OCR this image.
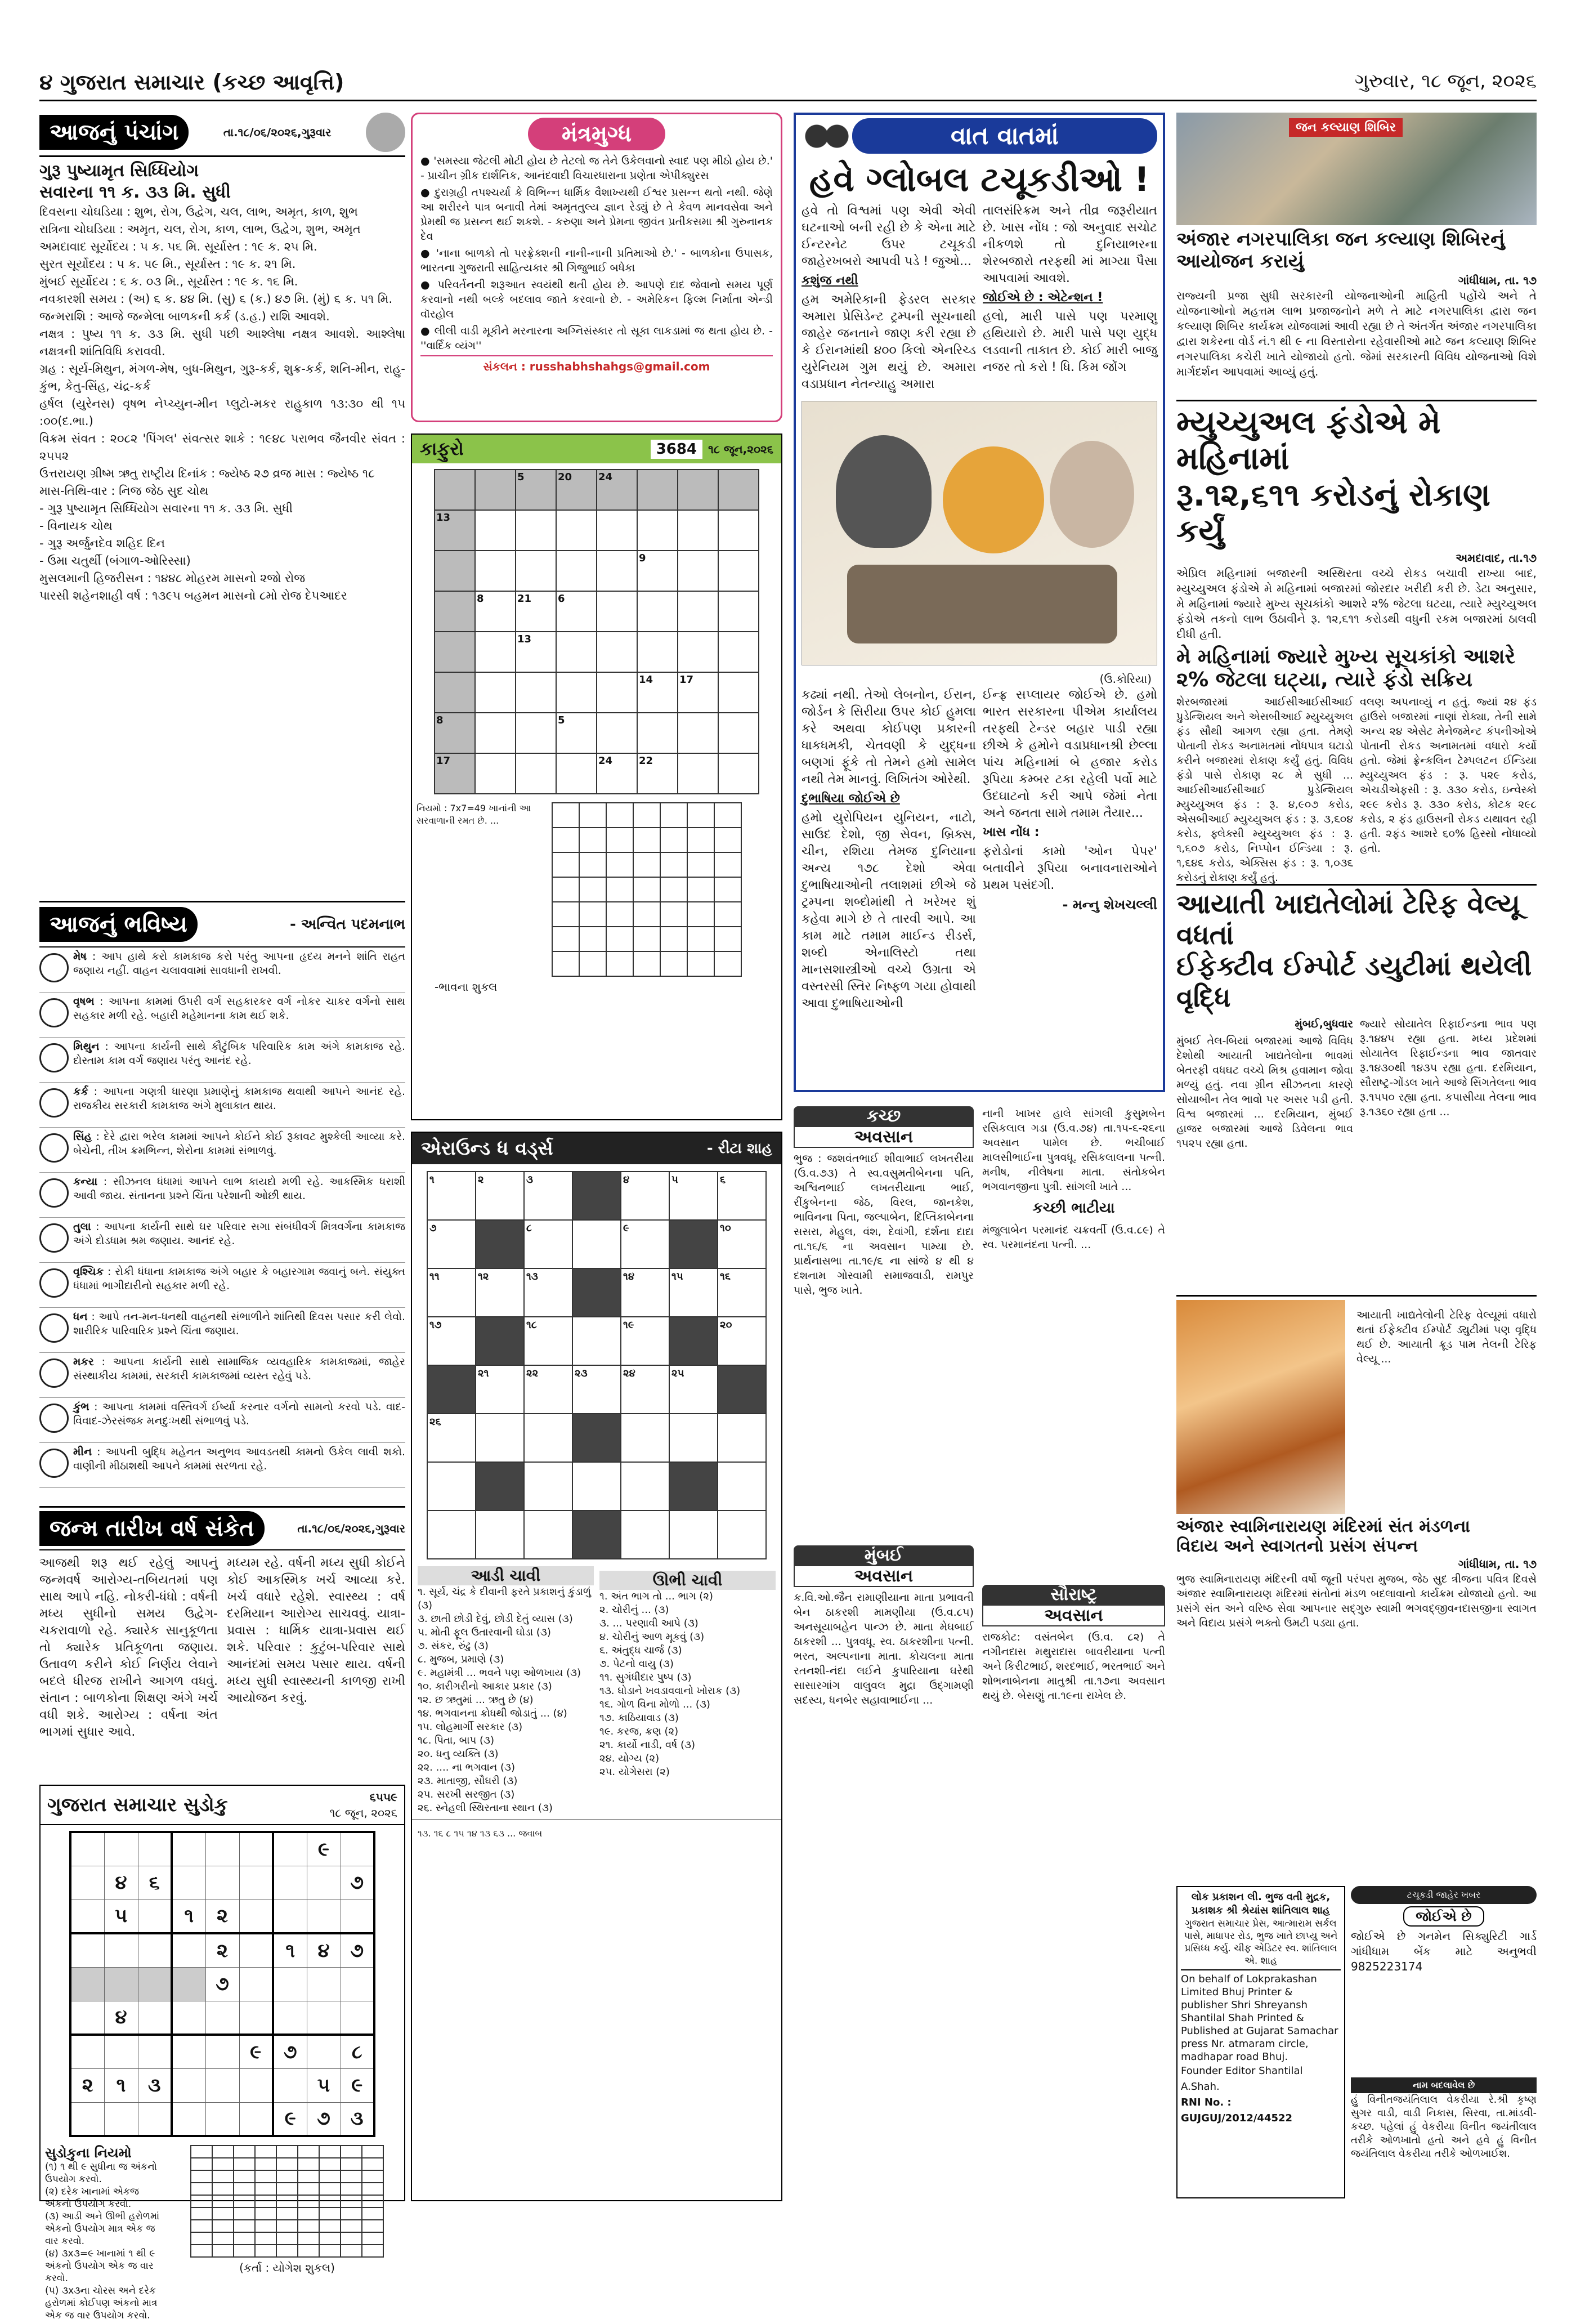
૪ ગુજરાત સમાચાર (કચ્છ આવૃત્તિ)	ગુરુવાર, ૧૮ જૂન, ૨૦૨૬
આજનું પંચાંગ	તા.૧૮/૦૬/૨૦૨૬,ગુરૂવાર
ગુરૂ પુષ્યામૃત સિધ્ધિયોગ
સવારના ૧૧ ક. ૩૩ મિ. સુધી
દિવસના ચોઘડિયા : શુભ, રોગ, ઉદ્વેગ, ચલ, લાભ, અમૃત, કાળ, શુભ
રાત્રિના ચોઘડિયા : અમૃત, ચલ, રોગ, કાળ, લાભ, ઉદ્વેગ, શુભ, અમૃત
અમદાવાદ સૂર્યોદય : ૫ ક. ૫૬ મિ. સૂર્યાસ્ત : ૧૯ ક. ૨૫ મિ.
સુરત સૂર્યોદય : ૫ ક. ૫૯ મિ., સૂર્યાસ્ત : ૧૯ ક. ૨૧ મિ.
મુંબઈ સૂર્યોદય : ૬ ક. ૦૩ મિ., સૂર્યાસ્ત : ૧૯ ક. ૧૬ મિ.
નવકારશી સમય : (અ) ૬ ક. ૪૪ મિ. (સુ) ૬ (ક.) ૪૭ મિ. (મું) ૬ ક. ૫૧ મિ.
જન્મરાશિ : આજે જન્મેલા બાળકની કર્ક (ડ.હ.) રાશિ આવશે.
નક્ષત્ર : પુષ્ય ૧૧ ક. ૩૩ મિ. સુધી પછી આશ્લેષા નક્ષત્ર આવશે. આશ્લેષા નક્ષત્રની શાંતિવિધિ કરાવવી.
ગ્રહ : સૂર્ય-મિથુન, મંગળ-મેષ, બુધ-મિથુન, ગુરૂ-કર્ક, શુક્ર-કર્ક, શનિ-મીન, રાહુ-કુંભ, કેતુ-સિંહ, ચંદ્ર-કર્ક
હર્ષલ (યુરેનસ) વૃષભ નેપ્ચ્યુન-મીન પ્લુટો-મકર રાહુકાળ ૧૩:૩૦ થી ૧૫ :૦૦(દ.ભા.)
વિક્રમ સંવત : ૨૦૮૨ 'પિંગલ' સંવત્સર શાકે : ૧૯૪૮ પરાભવ જૈનવીર સંવત : ૨૫૫૨
ઉત્તરાયણ ગ્રીષ્મ ઋતુ રાષ્ટ્રીય દિનાંક : જ્યેષ્ઠ ૨૭ વ્રજ માસ : જ્યેષ્ઠ ૧૮
માસ-તિથિ-વાર : નિજ જેઠ સુદ ચોથ
- ગુરૂ પુષ્યામૃત સિધ્ધિયોગ સવારના ૧૧ ક. ૩૩ મિ. સુધી
- વિનાયક ચોથ
- ગુરૂ અર્જુનદેવ શહિદ દિન
- ઉમા ચતુર્થી (બંગાળ-ઓરિસ્સા)
મુસલમાની હિજરીસન : ૧૪૪૮ મોહરમ માસનો ૨જો રોજ
પારસી શહેનશાહી વર્ષ : ૧૩૯૫ બહમન માસનો ૮મો રોજ દેપઆદર
આજનું ભવિષ્ય	- અન્વિત પદમનાભ
મેષ : આપ હાથે કરો કામકાજ કરો પરંતુ આપના હૃદય મનને શાંતિ રાહત જણાય નહીં. વાહન ચલાવવામાં સાવધાની રાખવી.
વૃષભ : આપના કામમાં ઉપરી વર્ગ સહકારકર વર્ગ નોકર ચાકર વર્ગનો સાથ સહકાર મળી રહે. બહારી મહેમાનના કામ થઈ શકે.
મિથુન : આપના કાર્યની સાથે કૌટુંબિક પરિવારિક કામ અંગે કામકાજ રહે. દોસ્તામ કામ વર્ગ જણાય પરંતુ આનંદ રહે.
કર્ક : આપના ગણત્રી ધારણા પ્રમાણેનું કામકાજ થવાથી આપને આનંદ રહે. રાજકીય સરકારી કામકાજ અંગે મુલાકાત થાય.
સિંહ : દેરે દ્વારા ભરેલ કામમાં આપને કોઈને કોઈ રૂકાવટ મુશ્કેલી આવ્યા કરે. બેચેની, તીખ ક્રમભિન્ન, શેરોના કામમાં સંભાળવું.
કન્યા : સીઝનલ ધંધામાં આપને લાભ કાયદો મળી રહે. આકસ્મિક ધરાશી આવી જાય. સંતાનના પ્રશ્ને ચિંતા પરેશાની ઓછી થાય.
તુલા : આપના કાર્યની સાથે ઘર પરિવાર સગા સંબંધીવર્ગ મિત્રવર્ગના કામકાજ અંગે દોડધામ શ્રમ જણાય. આનંદ રહે.
વૃશ્ચિક : રોકી ધંધાના કામકાજ અંગે બહાર કે બહારગામ જવાનું બને. સંયુક્ત ધંધામાં ભાગીદારીનો સહકાર મળી રહે.
ધન : આપે તન-મન-ધનથી વાહનથી સંભાળીને શાંતિથી દિવસ પસાર કરી લેવો. શારીરિક પારિવારિક પ્રશ્ને ચિંતા જણાય.
મકર : આપના કાર્યની સાથે સામાજિક વ્યવહારિક કામકાજમાં, જાહેર સંસ્થાકીય કામમાં, સરકારી કામકાજમાં વ્યસ્ત રહેવું પડે.
કુંભ : આપના કામમાં વસ્તિવર્ગ ઈર્ષ્યા કરનાર વર્ગનો સામનો કરવો પડે. વાદ-વિવાદ-ઝેરસંજક મનદુઃખથી સંભાળવું પડે.
મીન : આપની બુદ્ધિ મહેનત અનુભવ આવડતથી કામનો ઉકેલ લાવી શકો. વાણીની મીઠાશથી આપને કામમાં સરળતા રહે.
જન્મ તારીખ વર્ષ સંકેત	તા.૧૮/૦૬/૨૦૨૬,ગુરૂવાર
આજથી શરૂ થઈ રહેલું આપનું જન્મવર્ષ આરોગ્ય-તબિયતમાં પણ સાથ આપે નહિ. નોકરી-ધંધો : વર્ષની મધ્ય સુધીનો સમય ઉદ્વેગ-ચકરાવાળો રહે. ક્યારેક સાનુકૂળતા તો ક્યારેક પ્રતિકૂળતા જણાય. ઉતાવળ કરીને કોઈ નિર્ણય લેવાને બદલે ધીરજ રાખીને આગળ વધવું. સંતાન : બાળકોના શિક્ષણ અંગે ખર્ચ વધી શકે. આરોગ્ય : વર્ષના અંત ભાગમાં સુધાર આવે.
મધ્યમ રહે. વર્ષની મધ્ય સુધી કોઈને કોઈ આકસ્મિક ખર્ચ આવ્યા કરે. ખર્ચ વધારે રહેશે. સ્વાસ્થ્ય : વર્ષ દરમિયાન આરોગ્ય સાચવવું. યાત્રા-પ્રવાસ : ધાર્મિક યાત્રા-પ્રવાસ થઈ શકે. પરિવાર : કુટુંબ-પરિવાર સાથે આનંદમાં સમય પસાર થાય. વર્ષની મધ્ય સુધી સ્વાસ્થ્યની કાળજી રાખી આયોજન કરવું.
ગુજરાત સમાચાર સુડોકુ	૬૫૫૯
૧૮ જૂન, ૨૦૨૬
							૯	
	૪	૬						૭
	૫		૧	૨				
				૨		૧	૪	૭
				૭				
	૪							
					૯	૭		૮
૨	૧	૩					૫	૯
						૯	૭	૩
સુડોકુના નિયમો
(૧) ૧ થી ૯ સુધીના જ અંકનો ઉપયોગ કરવો.
(૨) દરેક ખાનામાં એકજ અંકનો ઉપયોગ કરવો.
(૩) આડી અને ઊભી હરોળમાં એકનો ઉપયોગ માત્ર એક જ વાર કરવો.
(૪) ૩x૩=૯ ખાનામાં ૧ થી ૯ અંકનો ઉપયોગ એક જ વાર કરવો.
(૫) ૩x૩ના ચોરસ અને દરેક હરોળમાં કોઈપણ અંકનો માત્ર એક જ વાર ઉપયોગ કરવો.

(કર્તા : યોગેશ શુકલ)
મંત્રમુગ્ધ

● 'સમસ્યા જેટલી મોટી હોય છે તેટલો જ તેને ઉકેલવાનો સ્વાદ પણ મીઠો હોય છે.' - પ્રાચીન ગ્રીક દાર્શનિક, આનંદવાદી વિચારધારાના પ્રણેતા એપીક્યુરસ

● દુરાગ્રહી તપશ્ચર્યા કે વિભિન્ન ધાર્મિક વૈશાખ્યથી ઈશ્વર પ્રસન્ન થતો નથી. જેણે આ શરીરને પાત્ર બનાવી તેમાં અમૃતતુલ્ય જ્ઞાન રેડ્યું છે તે કેવળ માનવસેવા અને પ્રેમથી જ પ્રસન્ન થઈ શકશે. - કરુણા અને પ્રેમના જીવંત પ્રતીકસમા શ્રી ગુરુનાનક દેવ

● 'નાના બાળકો તો પરફ્રેક્શની નાની-નાની પ્રતિમાઓ છે.' - બાળકોના ઉપાસક, ભારતના ગુજરાતી સાહિત્યકાર શ્રી ગિજુભાઈ બધેકા

● પરિવર્તનની શરૂઆત સ્વયંથી થતી હોય છે. આપણે દાદ જેવાનો સમય પૂર્ણ કરવાનો નથી બલ્કે બદલાવ જાતે કરવાનો છે. - અમેરિકન ફિલ્મ નિર્માતા એન્ડી વૉરહોલ

● લીલી વાડી મૂકીને મરનારના અગ્નિસંસ્કાર તો સૂકા લાકડામાં જ થતા હોય છે. - ''વાર્દિક વ્યંગ''

સંકલન : russhabhshahgs@gmail.com
કાફુરો	3684	૧૮ જૂન,૨૦૨૬
		5	20	24			
13							
					9		
	8	21	6				
		13					
					14	17	
8			5				
17				24	22		
નિયમો : 7x7=49 ખાનાંની આ સરવાળાની રમત છે. ...

-ભાવના શુકલ
એરાઉન્ડ ધ વર્ડ્સ	- રીટા શાહ
૧	૨	૩		૪	૫	૬
૭		૮		૯		૧૦
૧૧	૧૨	૧૩		૧૪	૧૫	૧૬
૧૭		૧૮		૧૯		૨૦
	૨૧	૨૨	૨૩	૨૪	૨૫	
૨૬						

આડી ચાવી
૧. સૂર્ય, ચંદ્ર કે દીવાની ફરતે પ્રકાશનું કુંડાળું (૩)
૩. છાતી છોડી દેવું, છોડી દેતું વ્યાસ (૩)
૫. મોતી ફૂલ ઉતારવાની ઘોડા (૩)
૭. સંકર, રુંઢુ (૩)
૮. મુજબ, પ્રમાણે (૩)
૯. મહામંત્રી ... ભવને પણ ઓળખાય (૩)
૧૦. કારીગરીનો આકાર પ્રકાર (૩)
૧૨. છ ઋતુમાં ... ઋતુ છે (૪)
૧૪. ભગવાનના ક્રોધથી જોડાતું ... (૪)
૧૫. લોહમાર્ગી સરકાર (૩)
૧૮. પિતા, બાપ (૩)
૨૦. ધનુ વ્યક્તિ (૩)
૨૨. .... ના ભગવાન (૩)
૨૩. માતાજી, સૌઘરી (૩)
૨૫. સરખી સરજીત (૩)
૨૬. સ્નેહલી સ્થિરતાના સ્થાન (૩)
ઊભી ચાવી
૧. અંત ભાગ તો ... ભાગ (૨)
૨. ચોરીનું ... (૩)
૩. ... પરણાવી આપે (૩)
૪. ચોરીનું આળ મૂકવું (૩)
૬. અંતુદ્ધ ચાર્જ (૩)
૭. પેટનો વાયુ (૩)
૧૧. સુગંધીદાર પુષ્પ (૩)
૧૩. ઘોડાને ખવડાવવાનો ખોરાક (૩)
૧૬. ગોળ વિના મોળો ... (૩)
૧૭. કાઠિયાવાડ (૩)
૧૯. કરજ, ક્રણ (૨)
૨૧. કાર્યો નાડી, વર્ષ (૩)
૨૪. યોગ્ય (૨)
૨૫. યોગેસરા (૨)
૧૩. ૧૬ ૮ ૧૫ ૧૪ ૧૩ ૬૩ ... જવાબ
વાત વાતમાં
હવે ગ્લોબલ ટચૂકડીઓ !

હવે તો વિશ્વમાં પણ એવી એવી ઘટનાઓ બની રહી છે કે એના માટે ઈન્ટરનેટ ઉપર ટચૂકડી જાહેરખબરો આપવી પડે ! જુઓ...

કશુંજ નથી

હમ અમેરિકાની ફેડરલ સરકાર અમારા પ્રેસિડેન્ટ ટ્રમ્પની સૂચનાથી જાહેર જનતાને જાણ કરી રહ્યા છે કે ઈરાનમાંથી ૪૦૦ કિલો એનરિચ્ડ યુરેનિયમ ગુમ થયું છે. અમારા વડાપ્રધાન નેતન્યાહુ અમારા

તાલસંરિક્રમ અને તીવ્ર જરૂરીયાત છે. ખાસ નોંધ : જો અનુવાદ સચોટ નીકળશે તો દુનિયાભરના શેરબજારો તરફથી માં માગ્યા પૈસા આપવામાં આવશે.

જોઈએ છે : એટેન્શન !

હલો, મારી પાસે પણ પરમાણુ હથિયારો છે. મારી પાસે પણ યુદ્ધ લડવાની તાકાત છે. કોઈ મારી બાજુ નજર તો કરો ! ધિ. કિમ જોંગ

(ઉ.કોરિયા)

કઢ્યાં નથી. તેઓ લેબનોન, ઈરાન, જોર્ડન કે સિરીયા ઉપર કોઈ હુમલા કરે અથવા કોઈપણ પ્રકારની ધાકધમકી, ચેતવણી કે યુદ્ધના બણગાં ફૂંકે તો તેમને હમો સામેલ નથી તેમ માનવું. લિખિતંગ ઓરેથી.

દુભાષિયા જોઈએ છે

હમો યુરોપિયન યુનિયન, નાટો, સાઉદ દેશો, જી સેવન, બ્રિક્સ, ચીન, રશિયા તેમજ દુનિયાના અન્ય ૧૭૮ દેશો એવા દુભાષિયાઓની તલાશમાં છીએ જે ટ્રમ્પના શબ્દોમાંથી તે ખરેખર શું કહેવા માગે છે તે તારવી આપે. આ કામ માટે તમામ માઈન્ડ રીડર્સ, શબ્દો એનાલિસ્ટો તથા માનસશાસ્ત્રીઓ વચ્ચે ઉગ્રતા એ વસ્તરસી સ્તિર નિષ્ફળ ગયા હોવાથી આવા દુભાષિયાઓની

ઈન્ફ્ર સપ્લાયર જોઈએ છે. હમો ભારત સરકારના પીએમ કાર્યાલય તરફથી ટેન્ડર બહાર પાડી રહ્યા છીએ કે હમોને વડાપ્રધાનશ્રી છેલ્લા પાંચ મહિનામાં બે હજાર કરોડ રૂપિયા કમ્બર ટકા રહેલી પર્વો માટે ઉદઘાટનો કરી આપે જેમાં નેતા અને જનતા સામે તમામ તૈયાર...

ખાસ નોંધ :

ફરોડોનાં કામો 'ઓન પેપર' બતાવીને રૂપિયા બનાવનારાઓને પ્રથમ પસંદગી.

- મન્નુ શેખચલ્લી

કચ્છ
અવસાન
ભુજ : જશવંતભાઈ શીવાભાઈ લખતરીયા (ઉ.વ.૭૩) તે સ્વ.વસુમતીબેનના પતિ, અશ્વિનભાઈ લખતરીયાના ભાઈ, રીંકુબેનના જેઠ, વિરલ, જાનકેશ, ભાવિનના પિતા, જલ્પાબેન, દિપ્તિકાબેનના સસરા, મેહુલ, વંશ, દેવાંગી, દર્શના દાદા તા.૧૬/૬ ના અવસાન પામ્યા છે. પ્રાર્થનાસભા તા.૧૯/૬ ના સાંજે ૪ થી ૪ દશનામ ગોસ્વામી સમાજવાડી, રામપુર પાસે, ભુજ ખાતે.
મુંબઈ
અવસાન
ક.વિ.ઓ.જૈન રામાણીયાના માતા પ્રભાવતી બેન ઠાકરશી મામણીયા (ઉ.વ.૮૫) અનસૂયાબહેન પાન્ઝ છે. માતા મેઘબાઈ ઠાકરશી ... પુત્રવધૂ. સ્વ. ઠાકરશીના પત્ની. ભરત, અલ્પનાના માતા. કોચલના માતા રતનશી-નંદા લઈને કુપારિયાના ઘરેથી સાસારગાંગ વાલુવલ મુદ્રા ઉદ્ગામણી સદસ્ય, ધનબેર સહાવાભાઈના ...
નાની ખાખર હાલે સાંગલી કુસુમબેન રસિકલાલ ગડા (ઉ.વ.૭૪) તા.૧૫-૬-૨૬ના અવસાન પામેલ છે. ભચીબાઈ માલસીભાઈના પુત્રવધૂ. રસિકલાલના પત્ની. મનીષ, નીલેષના માતા. સંતોકબેન ભગવાનજીના પુત્રી. સાંગલી ખાતે ...
કચ્છી ભાટીયા
મંજુલાબેન પરમાનંદ ચક્રવર્તી (ઉ.વ.૮૯) તે સ્વ. પરમાનંદના પત્ની. ...
સૌરાષ્ટ્ર
અવસાન
રાજકોટ: વસંતબેન (ઉ.વ. ૮૨) તે નગીનદાસ મથુરાદાસ બાવરીયાના પત્ની અને કિરીટભાઈ, શરદભાઈ, ભરતભાઈ અને શોભનાબેનના માતુશ્રી તા.૧૭ના અવસાન થયું છે. બેસણું તા.૧૯ના રાખેલ છે.
જન કલ્યાણ શિબિર
અંજાર નગરપાલિકા જન કલ્યાણ શિબિરનું આયોજન કરાયું
ગાંધીધામ, તા. ૧૭
રાજ્યની પ્રજા સુધી સરકારની યોજનાઓની માહિતી પહોંચે અને તે યોજનાઓનો મહત્તમ લાભ પ્રજાજનોને મળે તે માટે નગરપાલિકા દ્વારા જન કલ્યાણ શિબિર કાર્યક્રમ યોજવામાં આવી રહ્યા છે તે અંતર્ગત અંજાર નગરપાલિકા દ્વારા શકેરના વોર્ડ નં.૧ થી ૯ ના વિસ્તારોના રહેવાસીઓ માટે જન કલ્યાણ શિબિર નગરપાલિકા કચેરી ખાતે યોજાયો હતો. જેમાં સરકારની વિવિધ યોજનાઓ વિશે માર્ગદર્શન આપવામાં આવ્યું હતું.
મ્યુચ્યુઅલ ફંડોએ મે મહિનામાં
રૂ.૧૨,૬૧૧ કરોડનું રોકાણ કર્યું
અમદાવાદ, તા.૧૭
એપ્રિલ મહિનામાં બજારની અસ્થિરતા વચ્ચે રોકડ બચાવી રાખ્યા બાદ, મ્યુચ્યુઅલ ફંડોએ મે મહિનામાં બજારમાં જોરદાર ખરીદી કરી છે. ડેટા અનુસાર, મે મહિનામાં જ્યારે મુખ્ય સૂચકાંકો આશરે ૨% જેટલા ઘટયા, ત્યારે મ્યુચ્યુઅલ ફંડોએ તકનો લાભ ઉઠાવીને રૂ. ૧૨,૬૧૧ કરોડથી વધુની રકમ બજારમાં ઠાલવી દીધી હતી.
મે મહિનામાં જ્યારે મુખ્ય સૂચકાંકો આશરે ૨% જેટલા ઘટ્યા, ત્યારે ફંડો સક્રિય
શેરબજારમાં આઈસીઆઈસીઆઈ પ્રુડેન્શિયલ અને એસબીઆઈ મ્યુચ્યુઅલ ફંડ સૌથી આગળ રહ્યા હતા. તેમણે પોતાની રોકડ અનામતમાં નોંધપાત્ર ઘટાડો કરીને બજારમાં રોકાણ કર્યું હતું. વિવિધ ફંડો પાસે રોકાણ ૨૮ મે સુધી ... આઈસીઆઈસીઆઈ પ્રુડેન્શિયલ મ્યુચ્યુઅલ ફંડ : રૂ. ૪,૯૦૭ કરોડ, એસબીઆઈ મ્યુચ્યુઅલ ફંડ : રૂ. ૩,૬૦૪ કરોડ, ફ્લેક્સી મ્યુચ્યુઅલ ફંડ : રૂ. ૧,૬૦૭ કરોડ, નિપ્પોન ઈન્ડિયા : રૂ. ૧,૬૪૬ કરોડ, એક્સિસ ફંડ : રૂ. ૧,૦૩૬ કરોડનું રોકાણ કર્યું હતું.
વલણ અપનાવ્યું ન હતું. જ્યાં ૨૪ ફંડ હાઉસે બજારમાં નાણાં રોક્યા, તેની સામે અન્ય ૨૪ એસેટ મેનેજમેન્ટ કંપનીઓએ પોતાની રોકડ અનામતમાં વધારો કર્યો હતો. જેમાં ફ્રેન્કલિન ટેમ્પલટન ઈન્ડિયા મ્યુચ્યુઅલ ફંડ : રૂ. ૫૨૯ કરોડ, એચડીએફસી : રૂ. ૩૩૦ કરોડ, ઇન્વેસ્કો ૨૯૯ કરોડ રૂ. ૩૩૦ કરોડ, કોટક ૨૯૮ કરોડ, ૨ ફંડ હાઉસની રોકડ યથાવત રહી હતી. ૨ફંડ આશરે ૬૦% હિસ્સો નોંધાવ્યો હતો.
આયાતી ખાદ્યતેલોમાં ટેરિફ વેલ્યૂ વધતાં
ઈફેક્ટીવ ઈમ્પોર્ટ ડયુટીમાં થયેલી વૃદ્ધિ

મુંબઈ,બુધવાર

મુંબઈ તેલ-બિયાં બજારમાં આજે વિવિધ દેશોથી આયાતી ખાદ્યતેલોના ભાવમાં બેતરફી વધઘટ વચ્ચે મિશ્ર હવામાન જોવા મળ્યું હતું. નવા ગ્રીન સીઝનના કારણે સોયાબીન તેલ ભાવો પર અસર પડી હતી. વિશ્વ બજારમાં ... દરમિયાન, મુંબઈ હાજર બજારમાં આજે ડિવેલના ભાવ ૧૫૨૫ રહ્યા હતા.

જ્યારે સોયાતેલ રિફાઈન્ડના ભાવ પણ રૂ.૧૪૪૫ રહ્યા હતા. મધ્ય પ્રદેશમાં સોયાતેલ રિફાઈન્ડના ભાવ જાતવાર રૂ.૧૪૩૦થી ૧૪૩૫ રહ્યા હતા. દરમિયાન, સૌરાષ્ટ્ર-ગોંડલ ખાતે આજે સિંગતેલના ભાવ રૂ.૧૫૫૦ રહ્યા હતા. કપાસીયા તેલના ભાવ રૂ.૧૩૬૦ રહ્યા હતા ...
અંજાર સ્વામિનારાયણ મંદિરમાં સંત મંડળના
વિદાય અને સ્વાગતનો પ્રસંગ સંપન્ન
ગાંધીધામ, તા. ૧૭
ભુજ સ્વામિનારાયણ મંદિરની વર્ષો જૂની પરંપરા મુજબ, જેઠ સુદ ત્રીજના પવિત્ર દિવસે અંજાર સ્વામિનારાયણ મંદિરમાં સંતોનાં મંડળ બદલાવાનો કાર્યક્રમ યોજાયો હતો. આ પ્રસંગે સંત અને વરિષ્ઠ સેવા આપનાર સદ્ગુરુ સ્વામી ભગવદ્જીવનદાસજીના સ્વાગત અને વિદાય પ્રસંગે ભક્તો ઉમટી પડ્યા હતા.
આયાતી ખાદ્યતેલોની ટેરિફ વેલ્યૂમાં વધારો થતાં ઈફેક્ટીવ ઈમ્પોર્ટ ડ્યુટીમાં પણ વૃદ્ધિ થઈ છે. આયાતી ક્રૂડ પામ તેલની ટેરિફ વેલ્યૂ ...
લોક પ્રકાશન લી. ભુજ વતી મુદ્રક, પ્રકાશક શ્રી શ્રેયાંસ શાંતિલાલ શાહ
ગુજરાત સમાચાર પ્રેસ, આત્મારામ સર્કલ પાસે, માધાપર રોડ, ભુજ ખાતે છાપ્યુ અને પ્રસિધ્ધ કર્યુ. ચીફ એડિટર સ્વ. શાંતિલાલ એ. શાહ
On behalf of Lokprakashan Limited Bhuj Printer & publisher Shri Shreyansh Shantilal Shah Printed & Published at Gujarat Samachar press Nr. atmaram circle, madhapar road Bhuj.
Founder Editor Shantilal A.Shah.
RNI No. : GUJGUJ/2012/44522
ટચૂકડી જાહેર ખબર
જોઈએ છે
જોઈએ છે ગનમેન સિક્યુરિટી ગાર્ડ ગાંધીધામ બેંક માટે અનુભવી 9825223174
નામ બદલાવેલ છે
હું વિનીતજયંતિલાલ વેકરીયા રે.શ્રી કૃષ્ણ સુગર વાડી, વાડી નિકાસ, સિરવા, તા.માંડવી-કચ્છ. પહેલાં હું વેકરીયા વિનીત જયંતીલાલ તરીકે ઓળખાતો હતો અને હવે હું વિનીત જયંતિલાલ વેકરીયા તરીકે ઓળખાઈશ.
